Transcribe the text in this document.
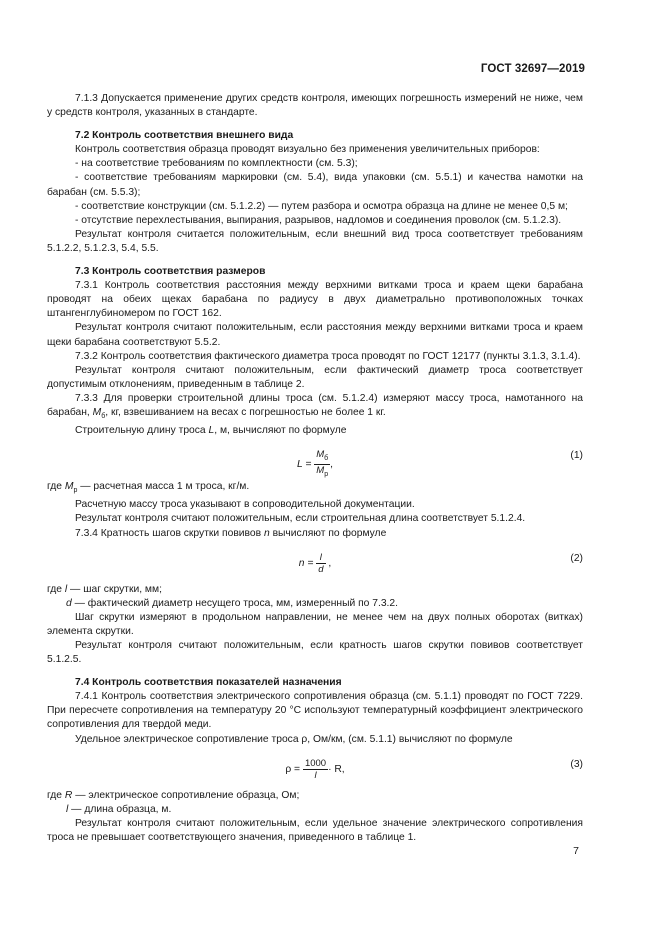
ГОСТ 32697—2019

7.1.3 Допускается применение других средств контроля, имеющих погрешность измерений не ниже, чем у средств контроля, указанных в стандарте.

7.2 Контроль соответствия внешнего вида

Контроль соответствия образца проводят визуально без применения увеличительных приборов:

- на соответствие требованиям по комплектности (см. 5.3);

- соответствие требованиям маркировки (см. 5.4), вида упаковки (см. 5.5.1) и качества намотки на барабан (см. 5.5.3);

- соответствие конструкции (см. 5.1.2.2) — путем разбора и осмотра образца на длине не менее 0,5 м;

- отсутствие перехлестывания, выпирания, разрывов, надломов и соединения проволок (см. 5.1.2.3).

Результат контроля считается положительным, если внешний вид троса соответствует требованиям 5.1.2.2, 5.1.2.3, 5.4, 5.5.

7.3 Контроль соответствия размеров

7.3.1 Контроль соответствия расстояния между верхними витками троса и краем щеки барабана проводят на обеих щеках барабана по радиусу в двух диаметрально противоположных точках штангенглубиномером по ГОСТ 162.

Результат контроля считают положительным, если расстояния между верхними витками троса и краем щеки барабана соответствуют 5.5.2.

7.3.2 Контроль соответствия фактического диаметра троса проводят по ГОСТ 12177 (пункты 3.1.3, 3.1.4).

Результат контроля считают положительным, если фактический диаметр троса соответствует допустимым отклонениям, приведенным в таблице 2.

7.3.3 Для проверки строительной длины троса (см. 5.1.2.4) измеряют массу троса, намотанного на барабан, $M_б$, кг, взвешиванием на весах с погрешностью не более 1 кг.

Строительную длину троса L, м, вычисляют по формуле

$L = \frac{M_б}{M_р}$ ,
(1)

где $M_р$ — расчетная масса 1 м троса, кг/м.

Расчетную массу троса указывают в сопроводительной документации.

Результат контроля считают положительным, если строительная длина соответствует 5.1.2.4.

7.3.4 Кратность шагов скрутки повивов n вычисляют по формуле

$n = \frac{l}{d}$ ,	(2)

где l — шаг скрутки, мм;

d — фактический диаметр несущего троса, мм, измеренный по 7.3.2.

Шаг скрутки измеряют в продольном направлении, не менее чем на двух полных оборотах (витках) элемента скрутки.

Результат контроля считают положительным, если кратность шагов скрутки повивов соответствует 5.1.2.5.

7.4 Контроль соответствия показателей назначения

7.4.1 Контроль соответствия электрического сопротивления образца (см. 5.1.1) проводят по ГОСТ 7229. При пересчете сопротивления на температуру 20 °С используют температурный коэффициент электрического сопротивления для твердой меди.

Удельное электрическое сопротивление троса ρ, Ом/км, (см. 5.1.1) вычисляют по формуле

$\rho = \frac{1000}{l} \cdot R$,	(3)

где R — электрическое сопротивление образца, Ом;

l — длина образца, м.

Результат контроля считают положительным, если удельное значение электрического сопротивления троса не превышает соответствующего значения, приведенного в таблице 1.

7
